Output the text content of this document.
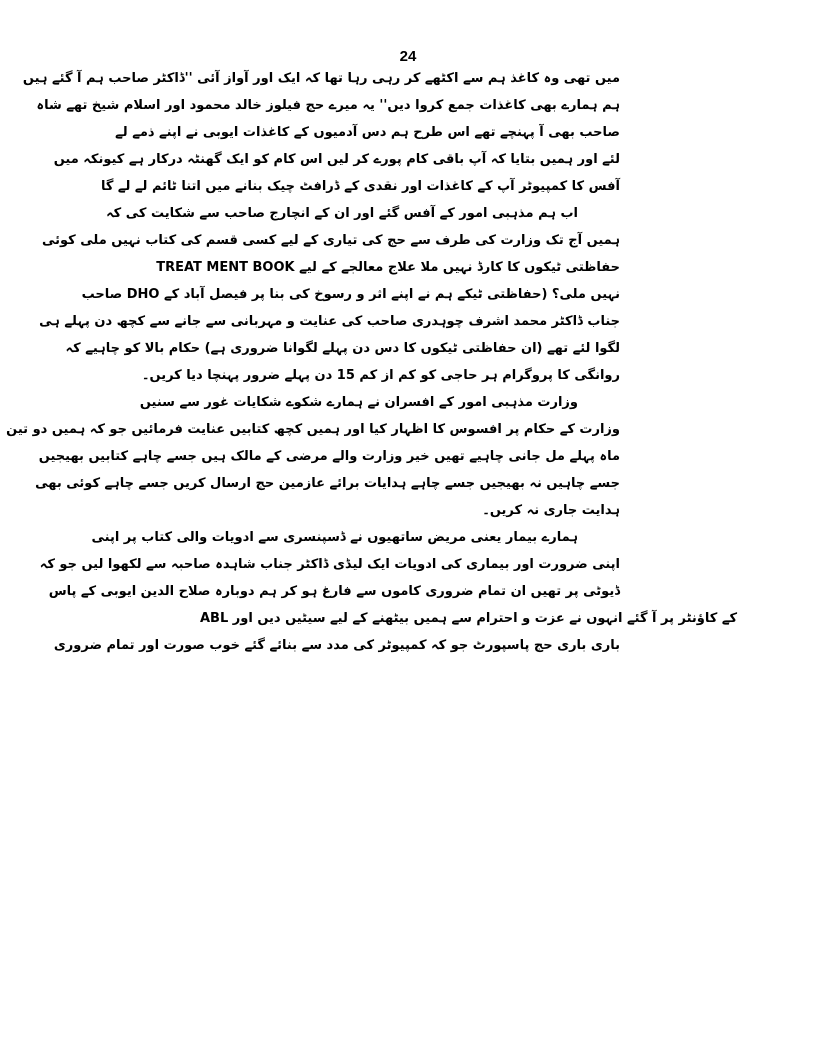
24
میں تھی وہ کاغذ ہم سے اکٹھے کر رہی رہا تھا کہ ایک اور آواز آئی ''ڈاکٹر صاحب ہم آ گئے ہیں
ہم ہمارے بھی کاغذات جمع کروا دیں'' یہ میرے حج فیلوز خالد محمود اور اسلام شیخ تھے شاہ
صاحب بھی آ پہنچے تھے اس طرح ہم دس آدمیوں کے کاغذات ایوبی نے اپنے ذمے لے
لئے اور ہمیں بتایا کہ آپ باقی کام پورے کر لیں اس کام کو ایک گھنٹہ درکار ہے کیونکہ میں
آفس کا کمپیوٹر آپ کے کاغذات اور نقدی کے ڈرافٹ چیک بنانے میں اتنا ٹائم لے لے گا
اب ہم مذہبی امور کے آفس گئے اور ان کے انچارج صاحب سے شکایت کی کہ
ہمیں آج تک وزارت کی طرف سے حج کی تیاری کے لیے کسی قسم کی کتاب نہیں ملی کوئی
حفاظتی ٹیکوں کا کارڈ نہیں ملا علاج معالجے کے لیے TREAT MENT BOOK
نہیں ملی؟ (حفاظتی ٹیکے ہم نے اپنے اثر و رسوخ کی بنا پر فیصل آباد کے DHO صاحب
جناب ڈاکٹر محمد اشرف چوہدری صاحب کی عنایت و مہربانی سے جانے سے کچھ دن پہلے ہی
لگوا لئے تھے (ان حفاظتی ٹیکوں کا دس دن پہلے لگوانا ضروری ہے) حکام بالا کو چاہیے کہ
روانگی کا پروگرام ہر حاجی کو کم از کم 15 دن پہلے ضرور پہنچا دیا کریں۔
وزارت مذہبی امور کے افسران نے ہمارے شکوے شکایات غور سے سنیں
وزارت کے حکام پر افسوس کا اظہار کیا اور ہمیں کچھ کتابیں عنایت فرمائیں جو کہ ہمیں دو تین
ماہ پہلے مل جانی چاہیے تھیں خیر وزارت والے مرضی کے مالک ہیں جسے چاہے کتابیں بھیجیں
جسے چاہیں نہ بھیجیں جسے چاہے ہدایات برائے عازمین حج ارسال کریں جسے چاہے کوئی بھی
ہدایت جاری نہ کریں۔
ہمارے بیمار یعنی مریض ساتھیوں نے ڈسپنسری سے ادویات والی کتاب پر اپنی
اپنی ضرورت اور بیماری کی ادویات ایک لیڈی ڈاکٹر جناب شاہدہ صاحبہ سے لکھوا لیں جو کہ
ڈیوٹی پر تھیں ان تمام ضروری کاموں سے فارغ ہو کر ہم دوبارہ صلاح الدین ایوبی کے پاس
ABL کے کاؤنٹر پر آ گئے انہوں نے عزت و احترام سے ہمیں بیٹھنے کے لیے سیٹیں دیں اور
باری باری حج پاسپورٹ جو کہ کمپیوٹر کی مدد سے بنائے گئے خوب صورت اور تمام ضروری
